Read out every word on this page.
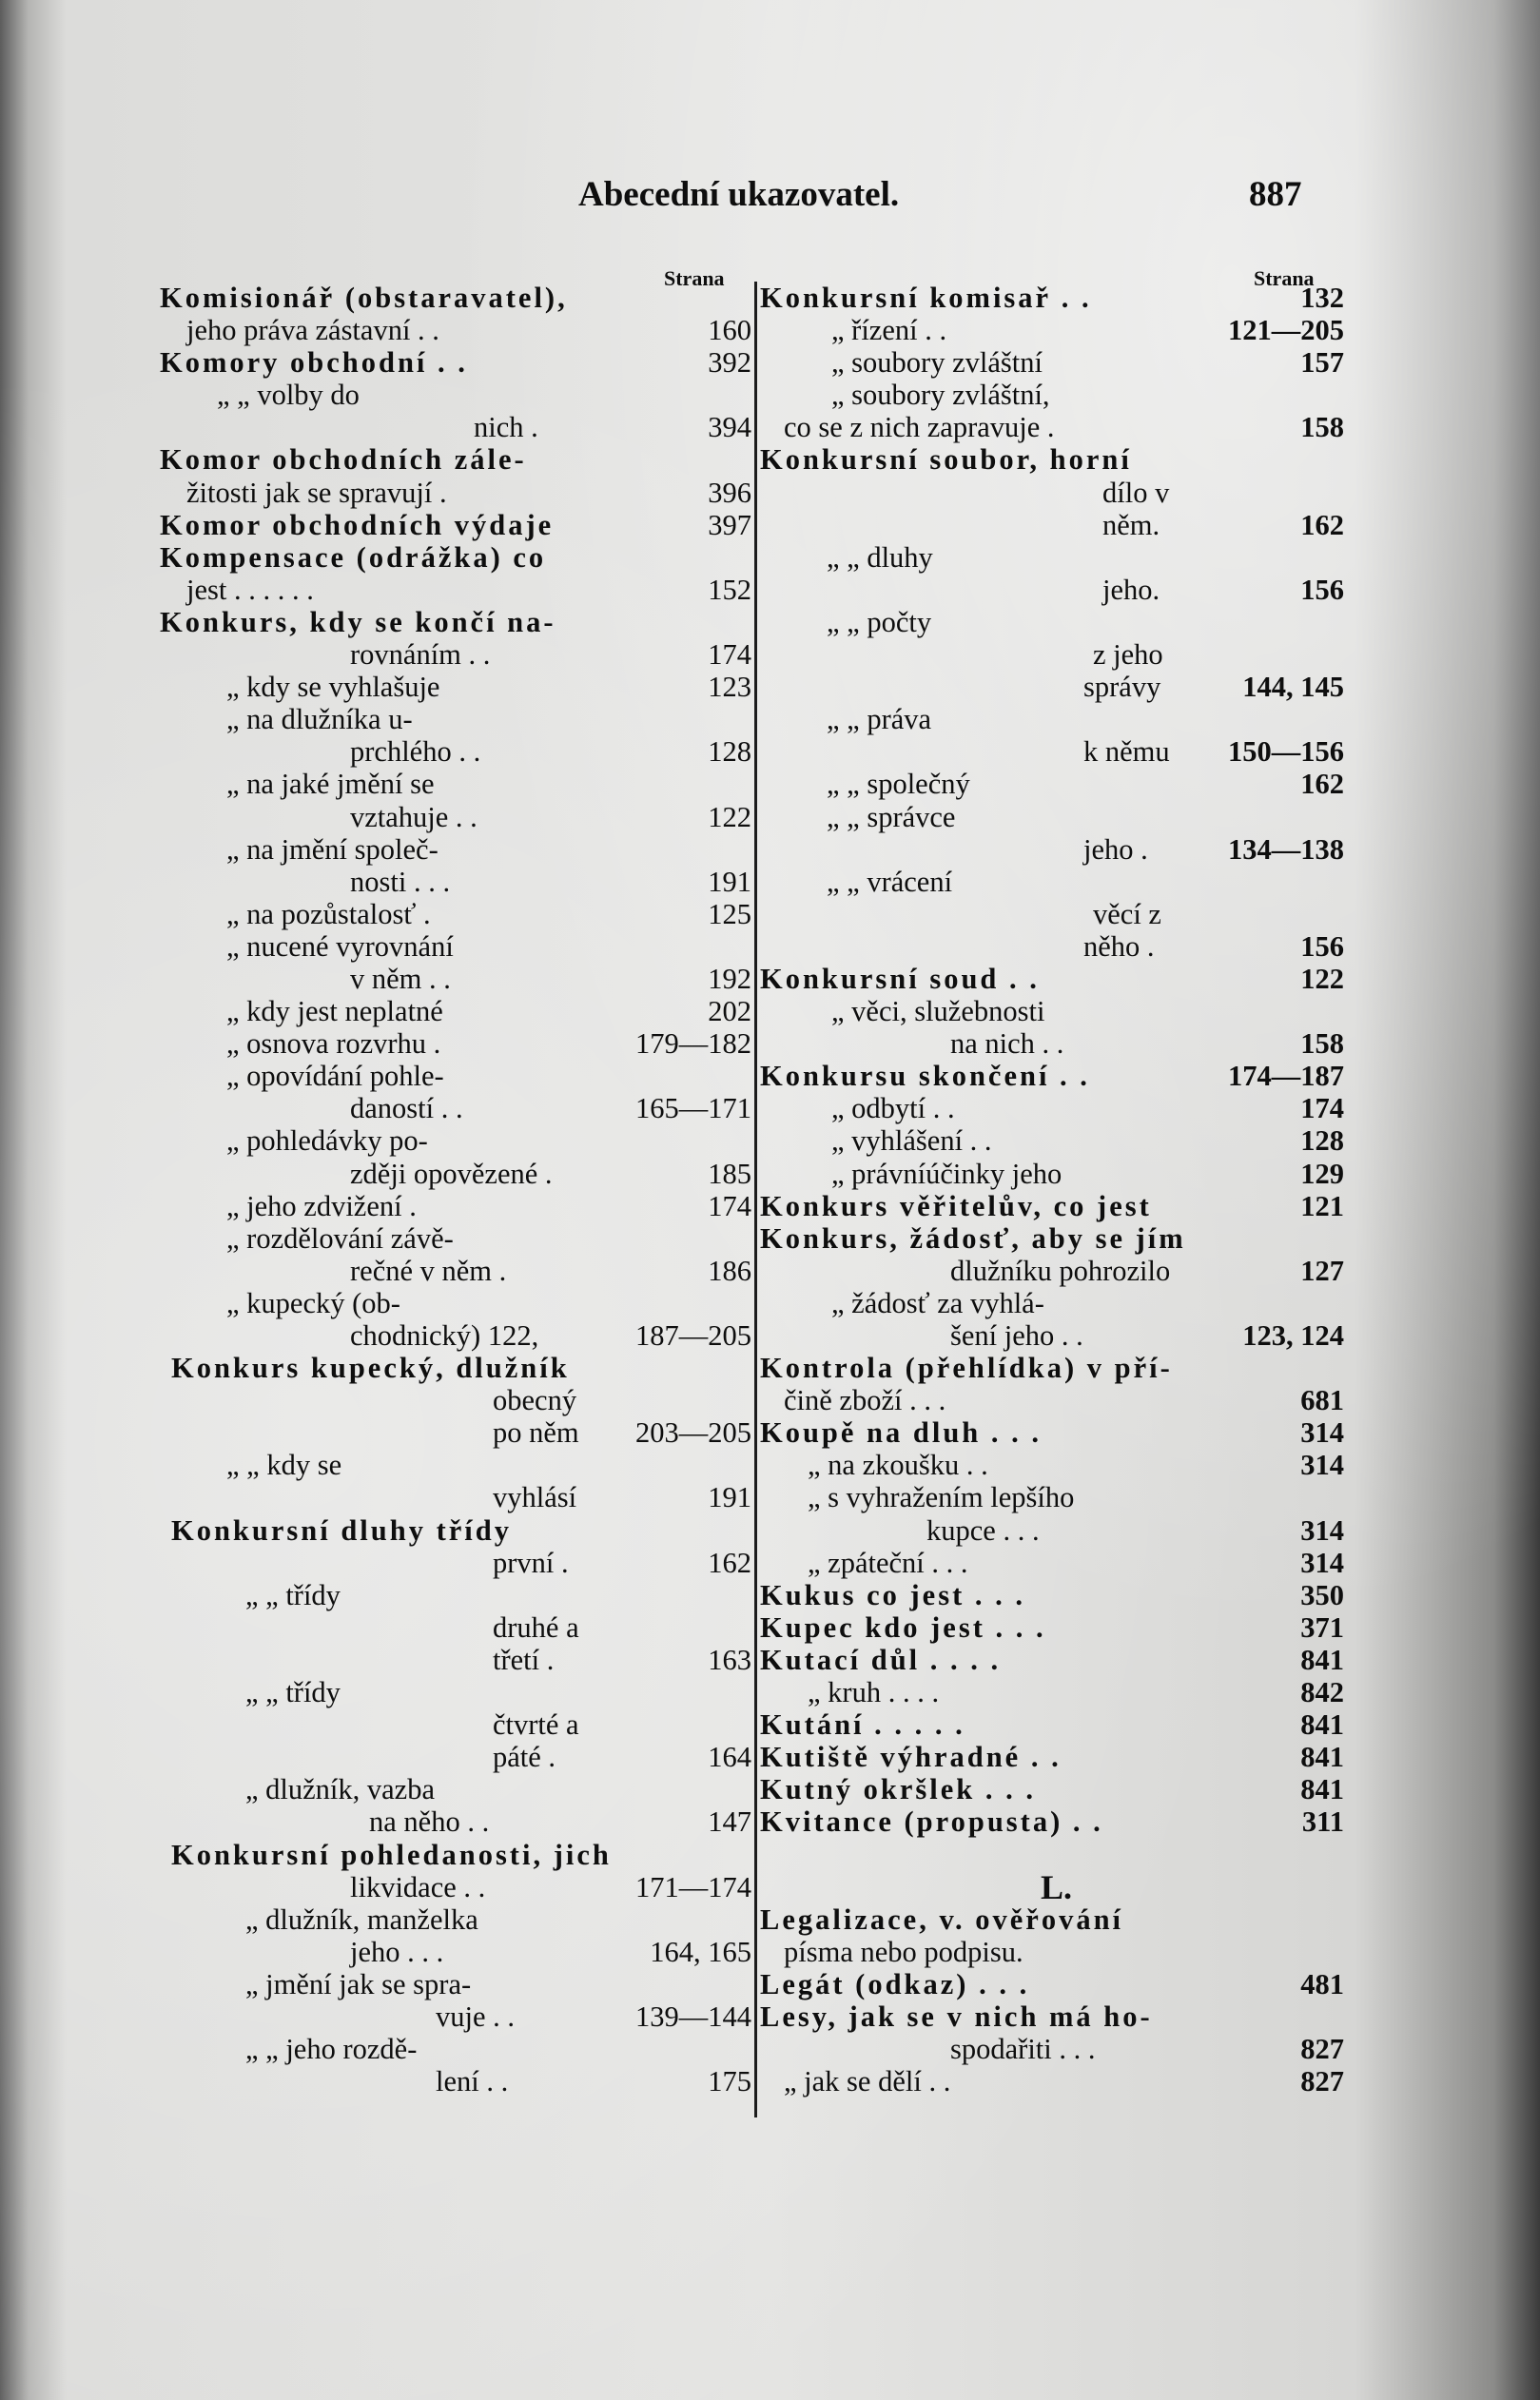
Abecední ukazovatel.	887
Strana	Strana
Komisionář (obstaravatel),
jeho práva zástavní . .	160
Komory obchodní . .	392
„ „ volby do
nich .	394
Komor obchodních zále-
žitosti jak se spravují .	396
Komor obchodních výdaje	397
Kompensace (odrážka) co
jest . . . . . .	152
Konkurs, kdy se končí na-
rovnáním . .	174
„ kdy se vyhlašuje	123
„ na dlužníka u-
prchlého . .	128
„ na jaké jmění se
vztahuje . .	122
„ na jmění společ-
nosti . . .	191
„ na pozůstalosť .	125
„ nucené vyrovnání
v něm . .	192
„ kdy jest neplatné	202
„ osnova rozvrhu .	179—182
„ opovídání pohle-
daností . .	165—171
„ pohledávky po-
zději opovězené .	185
„ jeho zdvižení .	174
„ rozdělování závě-
rečné v něm .	186
„ kupecký (ob-
chodnický) 122,	187—205
Konkurs kupecký, dlužník
obecný
po něm	203—205
„ „ kdy se
vyhlásí	191
Konkursní dluhy třídy
první .	162
„ „ třídy
druhé a
třetí .	163
„ „ třídy
čtvrté a
páté .	164
„ dlužník, vazba
na něho . .	147
Konkursní pohledanosti, jich
likvidace . .	171—174
„ dlužník, manželka
jeho . . .	164, 165
„ jmění jak se spra-
vuje . .	139—144
„ „ jeho rozdě-
lení . .	175
Konkursní komisař . .	132
„ řízení . .	121—205
„ soubory zvláštní	157
„ soubory zvláštní,
co se z nich zapravuje .	158
Konkursní soubor, horní
dílo v
něm.	162
„ „ dluhy
jeho.	156
„ „ počty
z jeho
správy	144, 145
„ „ práva
k němu	150—156
„ „ společný	162
„ „ správce
jeho .	134—138
„ „ vrácení
věcí z
něho .	156
Konkursní soud . .	122
„ věci, služebnosti
na nich . .	158
Konkursu skončení . .	174—187
„ odbytí . .	174
„ vyhlášení . .	128
„ právníúčinky jeho	129
Konkurs věřitelův, co jest	121
Konkurs, žádosť, aby se jím
dlužníku pohrozilo	127
„ žádosť za vyhlá-
šení jeho . .	123, 124
Kontrola (přehlídka) v pří-
čině zboží . . .	681
Koupě na dluh . . .	314
„ na zkoušku . .	314
„ s vyhražením lepšího
kupce . . .	314
„ zpáteční . . .	314
Kukus co jest . . .	350
Kupec kdo jest . . .	371
Kutací důl . . . .	841
„ kruh . . . .	842
Kutání . . . . .	841
Kutiště výhradné . .	841
Kutný okršlek . . .	841
Kvitance (propusta) . .	311
L.
Legalizace, v. ověřování
písma nebo podpisu.
Legát (odkaz) . . .	481
Lesy, jak se v nich má ho-
spodařiti . . .	827
„ jak se dělí . .	827
